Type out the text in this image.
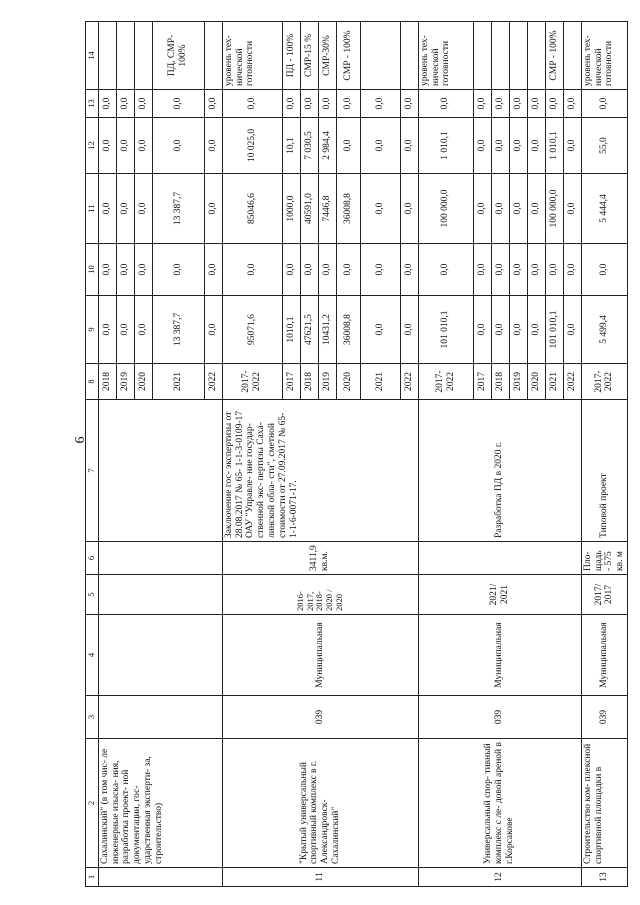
6
1	2	3	4	5	6	7	8	9	10	11	12	13	14
	Сахалинский" (в том чис- ле инженерные изыска- ния, разработка проект- ной документации, гос- ударственная эксперти- за, строительство)						2018	0,0	0,0	0,0	0,0	0,0	
							2019	0,0	0,0	0,0	0,0	0,0	
							2020	0,0	0,0	0,0	0,0	0,0	
							2021	13 387,7	0,0	13 387,7	0,0	0,0	ПД, СМР- 100%
							2022	0,0	0,0	0,0	0,0	0,0	
11	"Крытый универсальный спортивный комплекс в г. Александровск- Сахалинский"	039	Муниципальная	2016- 2017, 2018- 2020 / 2020	3411,9 кв.м.	Заключение гос- экспертизы от 28.08.2017 № 65- 1-1-3-0109-17 ОАУ "Управле- ние государ- ственной экс- пертизы Саха- линской обла- сти", сметной стоимости от 27.09.2017 № 65- 1-1-6-0071-17.	2017- 2022	95071,6	0,0	85046,6	10 025,0	0,0	уровень тех- нической готовности
							2017	1010,1	0,0	1000,0	10,1	0,0	ПД - 100%
							2018	47621,5	0,0	40591,0	7 030,5	0,0	СМР-15 %
							2019	10431,2	0,0	7446,8	2 984,4	0,0	СМР-30%
							2020	36008,8	0,0	36008,8	0,0	0,0	СМР - 100%
							2021	0,0	0,0	0,0	0,0	0,0	
							2022	0,0	0,0	0,0	0,0	0,0	
12	Универсальный спор- тивный комплекс с ле- довой ареной в г.Корсакове	039	Муниципальная	2021/ 2021		Разработка ПД в 2020 г.	2017- 2022	101 010,1	0,0	100 000,0	1 010,1	0,0	уровень тех- нической готовности
							2017	0,0	0,0	0,0	0,0	0,0	
							2018	0,0	0,0	0,0	0,0	0,0	
							2019	0,0	0,0	0,0	0,0	0,0	
							2020	0,0	0,0	0,0	0,0	0,0	
							2021	101 010,1	0,0	100 000,0	1 010,1	0,0	СМР - 100%
							2022	0,0	0,0	0,0	0,0	0,0	
13	Строительство ком- плексной спортивной площадки в	039	Муниципальная	2017/ 2017	Пло- щадь - 575 кв. м	Типовой проект	2017- 2022	5 499,4	0,0	5 444,4	55,0	0,0	уровень тех- нической готовности
